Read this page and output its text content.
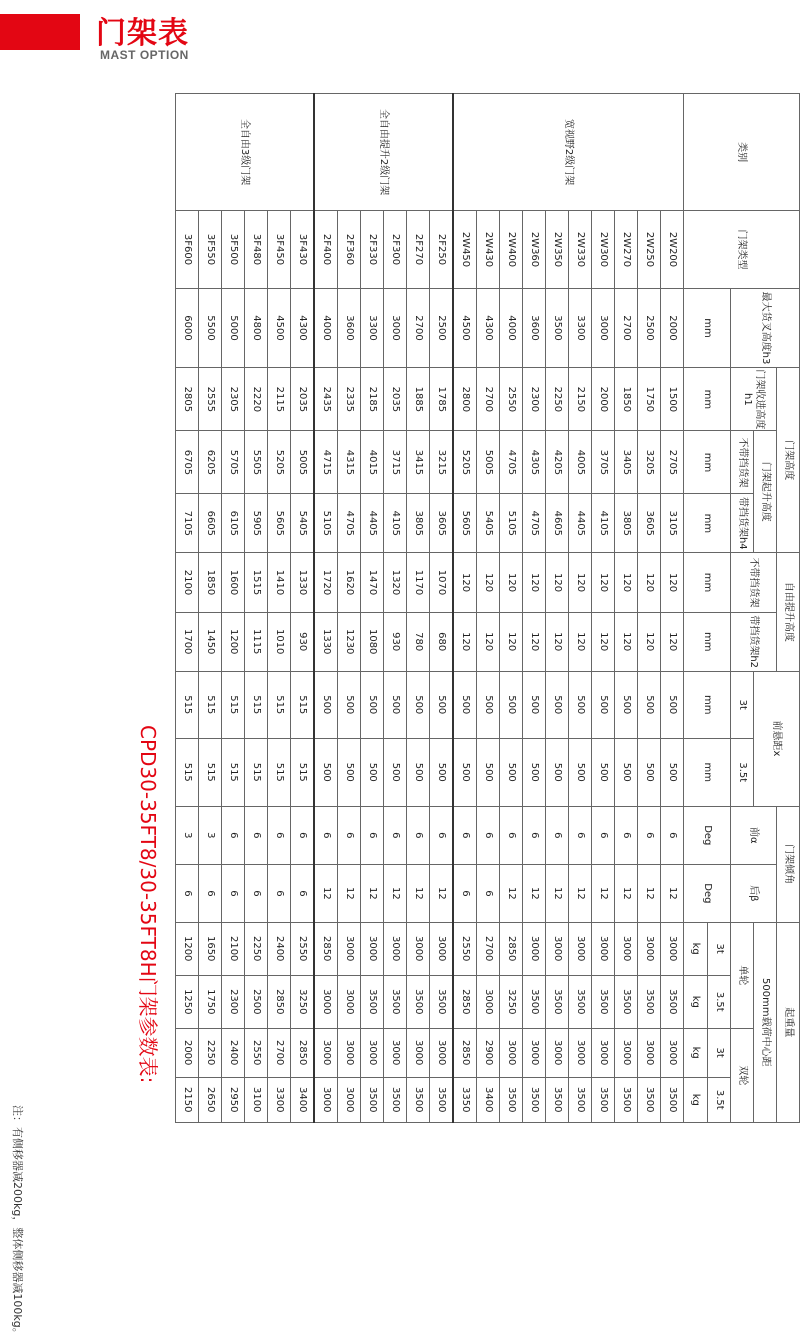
门架表
MAST OPTION
类别	门架类型	最大货叉高度h3	门架高度			自由提升高度		前悬距x		门架倾角		起重量			
			门架收进高度h1	门架起升高度		不带挡货架	带挡货架h2			前α	后β	500mm载荷中心距			
				不带挡货架	带挡货架h4			3t	3.5t			单轮		双轮	
		mm	mm	mm	mm	mm	mm	mm	mm	Deg	Deg	3t	3.5t	3t	3.5t
												kg	kg	kg	kg
宽视野2级门架	2W200	2000	1500	2705	3105	120	120	500	500	6	12	3000	3500	3000	3500
	2W250	2500	1750	3205	3605	120	120	500	500	6	12	3000	3500	3000	3500
	2W270	2700	1850	3405	3805	120	120	500	500	6	12	3000	3500	3000	3500
	2W300	3000	2000	3705	4105	120	120	500	500	6	12	3000	3500	3000	3500
	2W330	3300	2150	4005	4405	120	120	500	500	6	12	3000	3500	3000	3500
	2W350	3500	2250	4205	4605	120	120	500	500	6	12	3000	3500	3000	3500
	2W360	3600	2300	4305	4705	120	120	500	500	6	12	3000	3500	3000	3500
	2W400	4000	2550	4705	5105	120	120	500	500	6	12	2850	3250	3000	3500
	2W430	4300	2700	5005	5405	120	120	500	500	6	6	2700	3000	2900	3400
	2W450	4500	2800	5205	5605	120	120	500	500	6	6	2550	2850	2850	3350
全自由提升2级门架	2F250	2500	1785	3215	3605	1070	680	500	500	6	12	3000	3500	3000	3500
	2F270	2700	1885	3415	3805	1170	780	500	500	6	12	3000	3500	3000	3500
	2F300	3000	2035	3715	4105	1320	930	500	500	6	12	3000	3500	3000	3500
	2F330	3300	2185	4015	4405	1470	1080	500	500	6	12	3000	3500	3000	3500
	2F360	3600	2335	4315	4705	1620	1230	500	500	6	12	3000	3000	3000	3000
	2F400	4000	2435	4715	5105	1720	1330	500	500	6	12	2850	3000	3000	3000
全自由3级门架	3F430	4300	2035	5005	5405	1330	930	515	515	6	6	2550	3250	2850	3400
	3F450	4500	2115	5205	5605	1410	1010	515	515	6	6	2400	2850	2700	3300
	3F480	4800	2220	5505	5905	1515	1115	515	515	6	6	2250	2500	2550	3100
	3F500	5000	2305	5705	6105	1600	1200	515	515	6	6	2100	2300	2400	2950
	3F550	5500	2555	6205	6605	1850	1450	515	515	3	6	1650	1750	2250	2650
	3F600	6000	2805	6705	7105	2100	1700	515	515	3	6	1200	1250	2000	2150
CPD30-35FT8/30-35FT8H门架参数表:
注：有侧移器减200kg，整体侧移器减100kg。
